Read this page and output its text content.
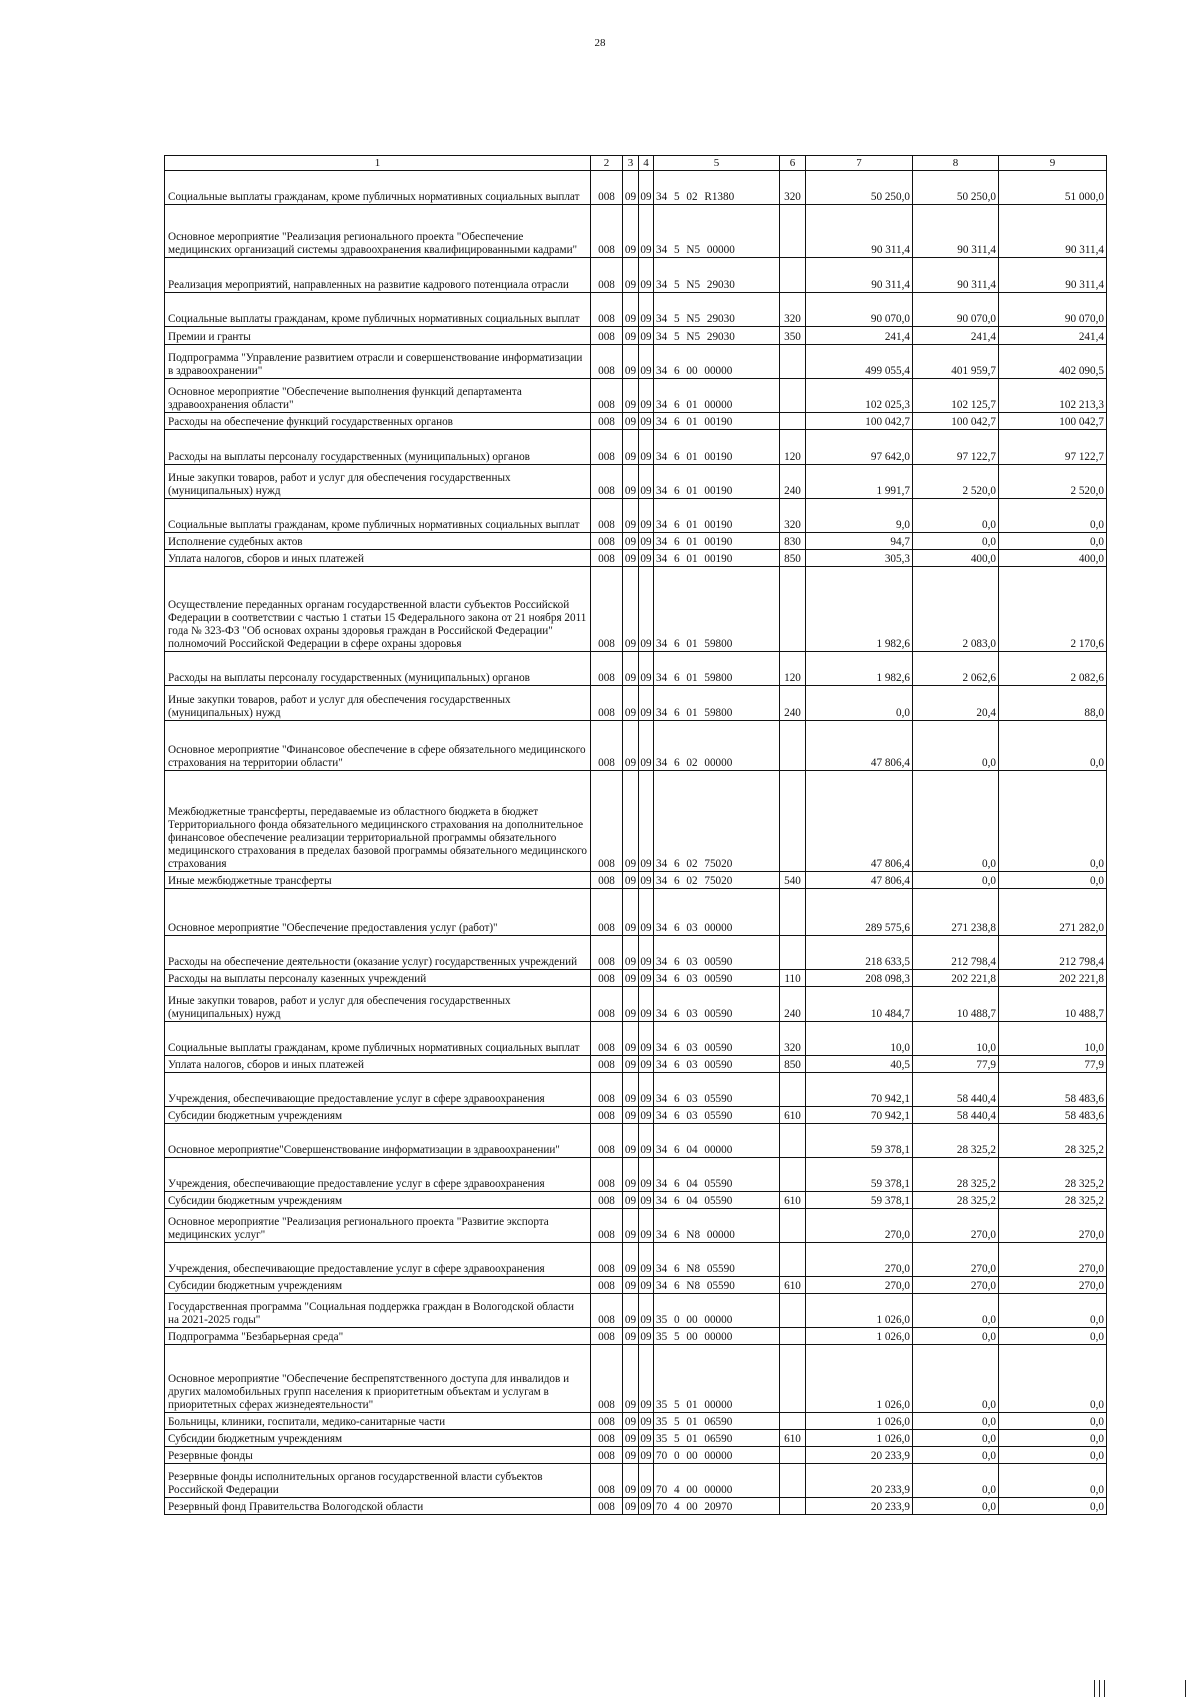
28
1	2	3	4	5	6	7	8	9
Социальные выплаты гражданам, кроме публичных нормативных социальных выплат	008	09	09	34 5 02 R1380	320	50 250,0	50 250,0	51 000,0
Основное мероприятие "Реализация регионального проекта "Обеспечение медицинских организаций системы здравоохранения квалифицированными кадрами"	008	09	09	34 5 N5 00000		90 311,4	90 311,4	90 311,4
Реализация мероприятий, направленных на развитие кадрового потенциала отрасли	008	09	09	34 5 N5 29030		90 311,4	90 311,4	90 311,4
Социальные выплаты гражданам, кроме публичных нормативных социальных выплат	008	09	09	34 5 N5 29030	320	90 070,0	90 070,0	90 070,0
Премии и гранты	008	09	09	34 5 N5 29030	350	241,4	241,4	241,4
Подпрограмма "Управление развитием отрасли и совершенствование информатизации в здравоохранении"	008	09	09	34 6 00 00000		499 055,4	401 959,7	402 090,5
Основное мероприятие "Обеспечение выполнения функций департамента здравоохранения области"	008	09	09	34 6 01 00000		102 025,3	102 125,7	102 213,3
Расходы на обеспечение функций государственных органов	008	09	09	34 6 01 00190		100 042,7	100 042,7	100 042,7
Расходы на выплаты персоналу государственных (муниципальных) органов	008	09	09	34 6 01 00190	120	97 642,0	97 122,7	97 122,7
Иные закупки товаров, работ и услуг для обеспечения государственных (муниципальных) нужд	008	09	09	34 6 01 00190	240	1 991,7	2 520,0	2 520,0
Социальные выплаты гражданам, кроме публичных нормативных социальных выплат	008	09	09	34 6 01 00190	320	9,0	0,0	0,0
Исполнение судебных актов	008	09	09	34 6 01 00190	830	94,7	0,0	0,0
Уплата налогов, сборов и иных платежей	008	09	09	34 6 01 00190	850	305,3	400,0	400,0
Осуществление переданных органам государственной власти субъектов Российской Федерации в соответствии с частью 1 статьи 15 Федерального закона от 21 ноября 2011 года № 323-ФЗ "Об основах охраны здоровья граждан в Российской Федерации" полномочий Российской Федерации в сфере охраны здоровья	008	09	09	34 6 01 59800		1 982,6	2 083,0	2 170,6
Расходы на выплаты персоналу государственных (муниципальных) органов	008	09	09	34 6 01 59800	120	1 982,6	2 062,6	2 082,6
Иные закупки товаров, работ и услуг для обеспечения государственных (муниципальных) нужд	008	09	09	34 6 01 59800	240	0,0	20,4	88,0
Основное мероприятие "Финансовое обеспечение в сфере обязательного медицинского страхования на территории области"	008	09	09	34 6 02 00000		47 806,4	0,0	0,0
Межбюджетные трансферты, передаваемые из областного бюджета в бюджет Территориального фонда обязательного медицинского страхования на дополнительное финансовое обеспечение реализации территориальной программы обязательного медицинского страхования в пределах базовой программы обязательного медицинского страхования	008	09	09	34 6 02 75020		47 806,4	0,0	0,0
Иные межбюджетные трансферты	008	09	09	34 6 02 75020	540	47 806,4	0,0	0,0
Основное мероприятие "Обеспечение предоставления услуг (работ)"	008	09	09	34 6 03 00000		289 575,6	271 238,8	271 282,0
Расходы на обеспечение деятельности (оказание услуг) государственных учреждений	008	09	09	34 6 03 00590		218 633,5	212 798,4	212 798,4
Расходы на выплаты персоналу казенных учреждений	008	09	09	34 6 03 00590	110	208 098,3	202 221,8	202 221,8
Иные закупки товаров, работ и услуг для обеспечения государственных (муниципальных) нужд	008	09	09	34 6 03 00590	240	10 484,7	10 488,7	10 488,7
Социальные выплаты гражданам, кроме публичных нормативных социальных выплат	008	09	09	34 6 03 00590	320	10,0	10,0	10,0
Уплата налогов, сборов и иных платежей	008	09	09	34 6 03 00590	850	40,5	77,9	77,9
Учреждения, обеспечивающие предоставление услуг в сфере здравоохранения	008	09	09	34 6 03 05590		70 942,1	58 440,4	58 483,6
Субсидии бюджетным учреждениям	008	09	09	34 6 03 05590	610	70 942,1	58 440,4	58 483,6
Основное мероприятие"Совершенствование информатизации в здравоохранении"	008	09	09	34 6 04 00000		59 378,1	28 325,2	28 325,2
Учреждения, обеспечивающие предоставление услуг в сфере здравоохранения	008	09	09	34 6 04 05590		59 378,1	28 325,2	28 325,2
Субсидии бюджетным учреждениям	008	09	09	34 6 04 05590	610	59 378,1	28 325,2	28 325,2
Основное мероприятие "Реализация регионального проекта "Развитие экспорта медицинских услуг"	008	09	09	34 6 N8 00000		270,0	270,0	270,0
Учреждения, обеспечивающие предоставление услуг в сфере здравоохранения	008	09	09	34 6 N8 05590		270,0	270,0	270,0
Субсидии бюджетным учреждениям	008	09	09	34 6 N8 05590	610	270,0	270,0	270,0
Государственная программа "Социальная поддержка граждан в Вологодской области на 2021-2025 годы"	008	09	09	35 0 00 00000		1 026,0	0,0	0,0
Подпрограмма "Безбарьерная среда"	008	09	09	35 5 00 00000		1 026,0	0,0	0,0
Основное мероприятие "Обеспечение беспрепятственного доступа для инвалидов и других маломобильных групп населения к приоритетным объектам и услугам в приоритетных сферах жизнедеятельности"	008	09	09	35 5 01 00000		1 026,0	0,0	0,0
Больницы, клиники, госпитали, медико-санитарные части	008	09	09	35 5 01 06590		1 026,0	0,0	0,0
Субсидии бюджетным учреждениям	008	09	09	35 5 01 06590	610	1 026,0	0,0	0,0
Резервные фонды	008	09	09	70 0 00 00000		20 233,9	0,0	0,0
Резервные фонды исполнительных органов государственной власти субъектов Российской Федерации	008	09	09	70 4 00 00000		20 233,9	0,0	0,0
Резервный фонд Правительства Вологодской области	008	09	09	70 4 00 20970		20 233,9	0,0	0,0
